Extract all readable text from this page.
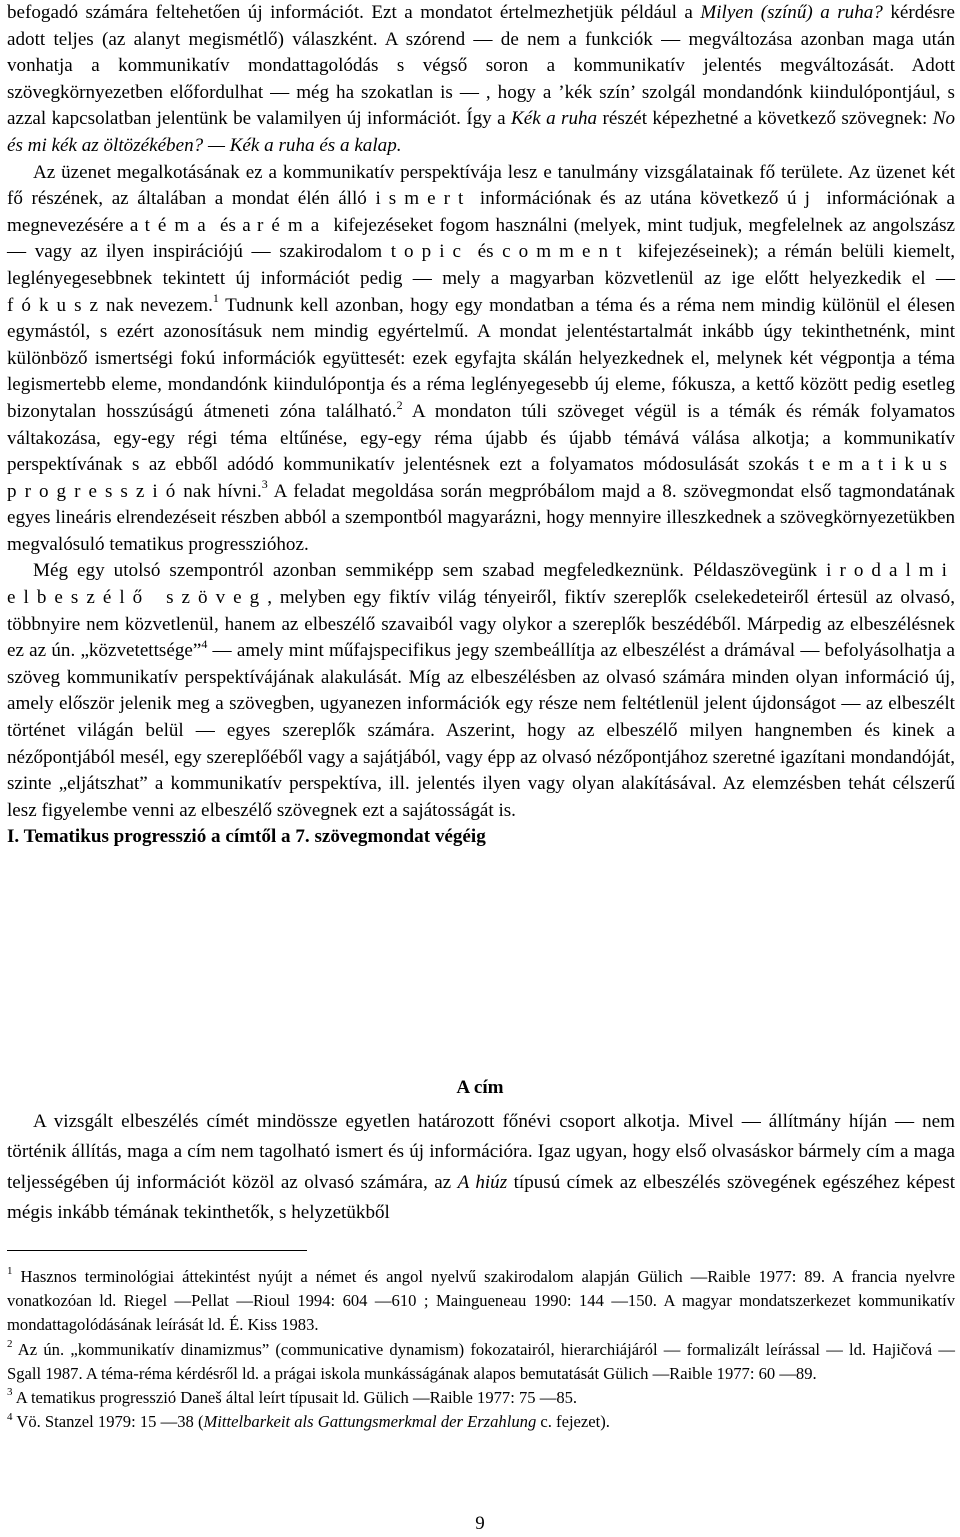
befogadó számára feltehetően új információt. Ezt a mondatot értelmezhetjük például a Milyen (színű) a ruha? kérdésre adott teljes (az alanyt megismétlő) válaszként. A szórend — de nem a funkciók — megváltozása azonban maga után vonhatja a kommunikatív mondattagolódás s végső soron a kommunikatív jelentés megváltozását. Adott szövegkörnyezetben előfordulhat — még ha szokatlan is — , hogy a ’kék szín’ szolgál mondandónk kiindulópontjául, s azzal kapcsolatban jelentünk be valamilyen új információt. Így a Kék a ruha részét képezhetné a következő szövegnek: No és mi kék az öltözékében? — Kék a ruha és a kalap.

Az üzenet megalkotásának ez a kommunikatív perspektívája lesz e tanulmány vizsgálatainak fő területe. Az üzenet két fő részének, az általában a mondat élén álló ismert információnak és az utána következő új információnak a megnevezésére a téma és a réma kifejezéseket fogom használni (melyek, mint tudjuk, megfelelnek az angolszász — vagy az ilyen inspirációjú — szakirodalom topic és comment kifejezéseinek); a rémán belüli kiemelt, leglényegesebbnek tekintett új információt pedig — mely a magyarban közvetlenül az ige előtt helyezkedik el — fókusznak nevezem.$^1$ Tudnunk kell azonban, hogy egy mondatban a téma és a réma nem mindig különül el élesen egymástól, s ezért azonosításuk nem mindig egyértelmű. A mondat jelentéstartalmát inkább úgy tekinthetnénk, mint különböző ismertségi fokú információk együttesét: ezek egyfajta skálán helyezkednek el, melynek két végpontja a téma legismertebb eleme, mondandónk kiindulópontja és a réma leglényegesebb új eleme, fókusza, a kettő között pedig esetleg bizonytalan hosszúságú átmeneti zóna található.$^2$ A mondaton túli szöveget végül is a témák és rémák folyamatos váltakozása, egy-egy régi téma eltűnése, egy-egy réma újabb és újabb témává válása alkotja; a kommunikatív perspektívának s az ebből adódó kommunikatív jelentésnek ezt a folyamatos módosulását szokás tematikus progressziónak hívni.$^3$ A feladat megoldása során megpróbálom majd a 8. szövegmondat első tagmondatának egyes lineáris elrendezéseit részben abból a szempontból magyarázni, hogy mennyire illeszkednek a szövegkörnyezetükben megvalósuló tematikus progresszióhoz.

Még egy utolsó szempontról azonban semmiképp sem szabad megfeledkeznünk. Példaszövegünk irodalmi elbeszélő szöveg, melyben egy fiktív világ tényeiről, fiktív szereplők cselekedeteiről értesül az olvasó, többnyire nem közvetlenül, hanem az elbeszélő szavaiból vagy olykor a szereplők beszédéből. Márpedig az elbeszélésnek ez az ún. „közvetettsége”$^4$ — amely mint műfajspecifikus jegy szembeállítja az elbeszélést a drámával — befolyásolhatja a szöveg kommunikatív perspektívájának alakulását. Míg az elbeszélésben az olvasó számára minden olyan információ új, amely először jelenik meg a szövegben, ugyanezen információk egy része nem feltétlenül jelent újdonságot — az elbeszélt történet világán belül — egyes szereplők számára. Aszerint, hogy az elbeszélő milyen hangnemben és kinek a nézőpontjából mesél, egy szereplőéből vagy a sajátjából, vagy épp az olvasó nézőpontjához szeretné igazítani mondandóját, szinte „eljátszhat” a kommunikatív perspektíva, ill. jelentés ilyen vagy olyan alakításával. Az elemzésben tehát célszerű lesz figyelembe venni az elbeszélő szövegnek ezt a sajátosságát is.

I. Tematikus progresszió a címtől a 7. szövegmondat végéig

A cím

A vizsgált elbeszélés címét mindössze egyetlen határozott főnévi csoport alkotja. Mivel — állítmány híján — nem történik állítás, maga a cím nem tagolható ismert és új információra. Igaz ugyan, hogy első olvasáskor bármely cím a maga teljességében új információt közöl az olvasó számára, az A hiúz típusú címek az elbeszélés szövegének egészéhez képest mégis inkább témának tekinthetők, s helyzetükből

$^1$ Hasznos terminológiai áttekintést nyújt a német és angol nyelvű szakirodalom alapján Gülich —Raible 1977: 89. A francia nyelvre vonatkozóan ld. Riegel —Pellat —Rioul 1994: 604 —610 ; Maingueneau 1990: 144 —150. A magyar mondatszerkezet kommunikatív mondattagolódásának leírását ld. É. Kiss 1983.

$^2$ Az ún. „kommunikatív dinamizmus” (communicative dynamism) fokozatairól, hierarchiájáról — formalizált leírással — ld. Hajičová —Sgall 1987. A téma-réma kérdésről ld. a prágai iskola munkásságának alapos bemutatását Gülich —Raible 1977: 60 —89.

$^3$ A tematikus progresszió Daneš által leírt típusait ld. Gülich —Raible 1977: 75 —85.

$^4$ Vö. Stanzel 1979: 15 —38 (Mittelbarkeit als Gattungsmerkmal der Erzahlung c. fejezet).

9
